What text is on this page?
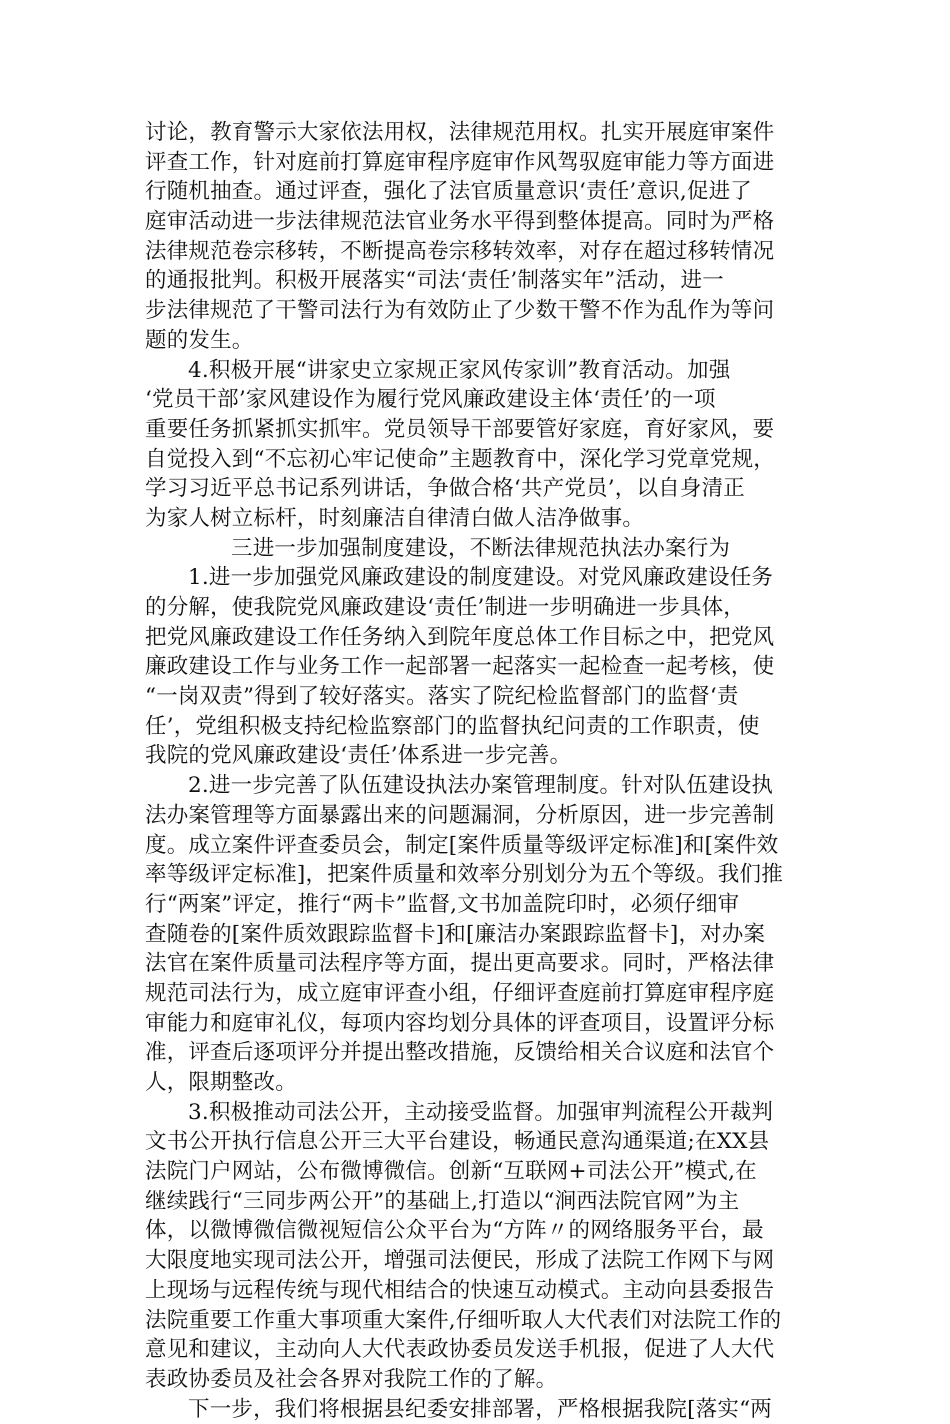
讨论，教育警示大家依法用权，法律规范用权。扎实开展庭审案件
评查工作，针对庭前打算庭审程序庭审作风驾驭庭审能力等方面进
行随机抽查。通过评查，强化了法官质量意识‘责任’意识,促进了
庭审活动进一步法律规范法官业务水平得到整体提高。同时为严格
法律规范卷宗移转，不断提高卷宗移转效率，对存在超过移转情况
的通报批判。积极开展落实“司法‘责任’制落实年”活动，进一
步法律规范了干警司法行为有效防止了少数干警不作为乱作为等问
题的发生。
4.积极开展“讲家史立家规正家风传家训”教育活动。加强
‘党员干部’家风建设作为履行党风廉政建设主体‘责任’的一项
重要任务抓紧抓实抓牢。党员领导干部要管好家庭，育好家风，要
自觉投入到“不忘初心牢记使命”主题教育中，深化学习党章党规，
学习习近平总书记系列讲话，争做合格‘共产党员’，以自身清正
为家人树立标杆，时刻廉洁自律清白做人洁净做事。
三进一步加强制度建设，不断法律规范执法办案行为
1.进一步加强党风廉政建设的制度建设。对党风廉政建设任务
的分解，使我院党风廉政建设‘责任’制进一步明确进一步具体，
把党风廉政建设工作任务纳入到院年度总体工作目标之中，把党风
廉政建设工作与业务工作一起部署一起落实一起检查一起考核，使
“一岗双责”得到了较好落实。落实了院纪检监督部门的监督‘责
任’，党组积极支持纪检监察部门的监督执纪问责的工作职责，使
我院的党风廉政建设‘责任’体系进一步完善。
2.进一步完善了队伍建设执法办案管理制度。针对队伍建设执
法办案管理等方面暴露出来的问题漏洞，分析原因，进一步完善制
度。成立案件评查委员会，制定[案件质量等级评定标准]和[案件效
率等级评定标准]，把案件质量和效率分别划分为五个等级。我们推
行“两案”评定，推行“两卡”监督,文书加盖院印时，必须仔细审
查随卷的[案件质效跟踪监督卡]和[廉洁办案跟踪监督卡]，对办案
法官在案件质量司法程序等方面，提出更高要求。同时，严格法律
规范司法行为，成立庭审评查小组，仔细评查庭前打算庭审程序庭
审能力和庭审礼仪，每项内容均划分具体的评查项目，设置评分标
准，评查后逐项评分并提出整改措施，反馈给相关合议庭和法官个
人，限期整改。
3.积极推动司法公开，主动接受监督。加强审判流程公开裁判
文书公开执行信息公开三大平台建设，畅通民意沟通渠道;在XX县
法院门户网站，公布微博微信。创新“互联网+司法公开”模式,在
继续践行“三同步两公开”的基础上,打造以“涧西法院官网”为主
体，以微博微信微视短信公众平台为“方阵〃的网络服务平台，最
大限度地实现司法公开，增强司法便民，形成了法院工作网下与网
上现场与远程传统与现代相结合的快速互动模式。主动向县委报告
法院重要工作重大事项重大案件,仔细听取人大代表们对法院工作的
意见和建议，主动向人大代表政协委员发送手机报，促进了人大代
表政协委员及社会各界对我院工作的了解。
下一步，我们将根据县纪委安排部署，严格根据我院[落实“两
